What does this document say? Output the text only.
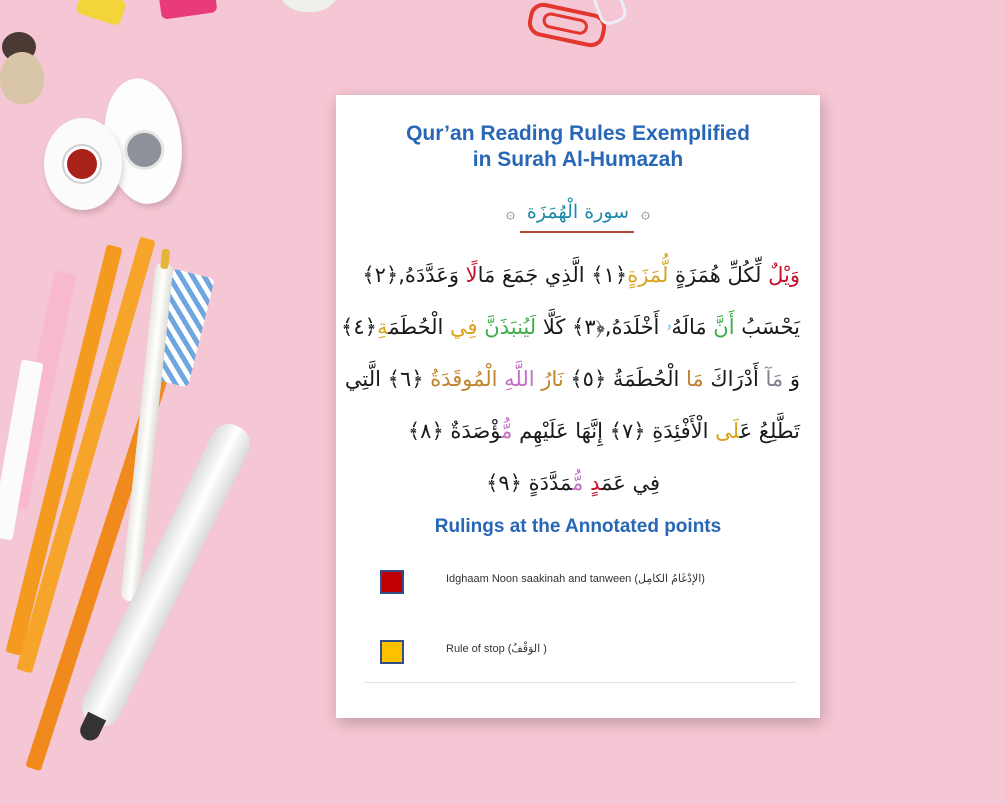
Qur’an Reading Rules Exemplified
in Surah Al-Humazah
۞ سورة الْهُمَزَة ۞
وَيْلٌ لِّكُلِّ هُمَزَةٍ لُّمَزَةٍ﴿١﴾ الَّذِي جَمَعَ مَالًا وَعَدَّدَهُ,﴿٢﴾
يَحْسَبُ أَنَّ مَالَهُۥ أَخْلَدَهُ,﴿٣﴾ كَلَّا لَيُنبَذَنَّ فِي الْحُطَمَةِ﴿٤﴾
وَ مَآ أَدْرَاكَ مَا الْحُطَمَةُ ﴿٥﴾ نَارُ اللَّهِ الْمُوقَدَةُ ﴿٦﴾ الَّتِي
تَطَّلِعُ عَلَى الْأَفْئِدَةِ ﴿٧﴾ إِنَّهَا عَلَيْهِم مُّؤْصَدَةٌ ﴿٨﴾
فِي عَمَدٍ مُّمَدَّدَةٍ ﴿٩﴾
Rulings at the Annotated points
Idghaam Noon saakinah and tanween (الإدْغَامُ الكامِل)
Rule of stop (الوَقْفُ )
